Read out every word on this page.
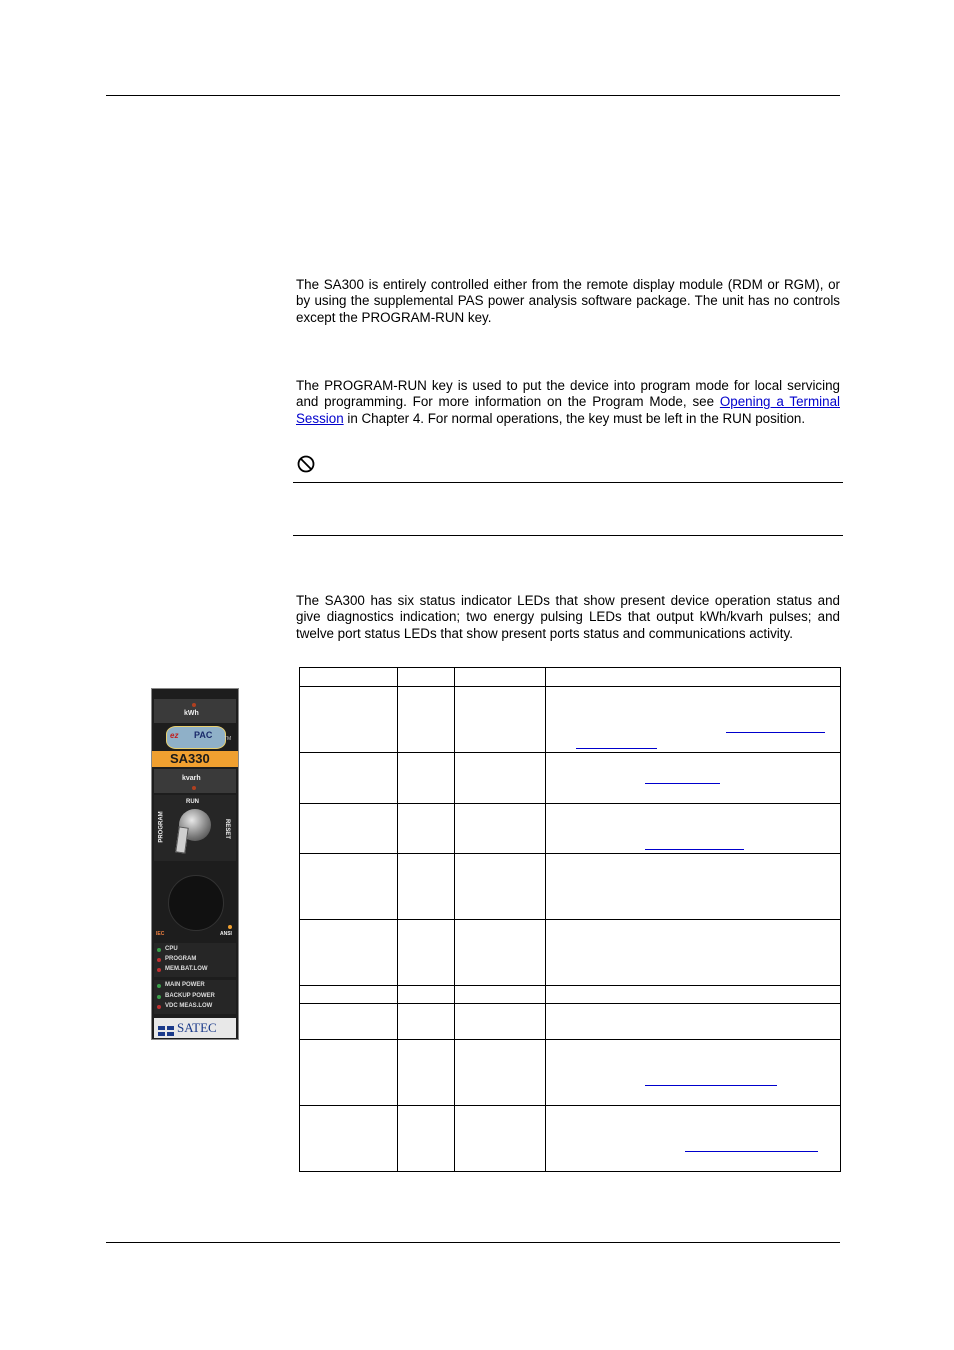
The SA300 is entirely controlled either from the remote display module (RDM or RGM), or by using the supplemental PAS power analysis software package. The unit has no controls except the PROGRAM-RUN key.

The PROGRAM-RUN key is used to put the device into program mode for local servicing and programming. For more information on the Program Mode, see Opening a Terminal Session in Chapter 4. For normal operations, the key must be left in the RUN position.

The SA300 has six status indicator LEDs that show present device operation status and give diagnostics indication; two energy pulsing LEDs that output kWh/kvarh pulses; and twelve port status LEDs that show present ports status and communications activity.

kWh
ez PAC TM
SA330
kvarh
RUN
PROGRAM	RESET
IEC	ANSI
CPU
PROGRAM
MEM.BAT.LOW
MAIN POWER
BACKUP POWER
VDC MEAS.LOW
SATEC
